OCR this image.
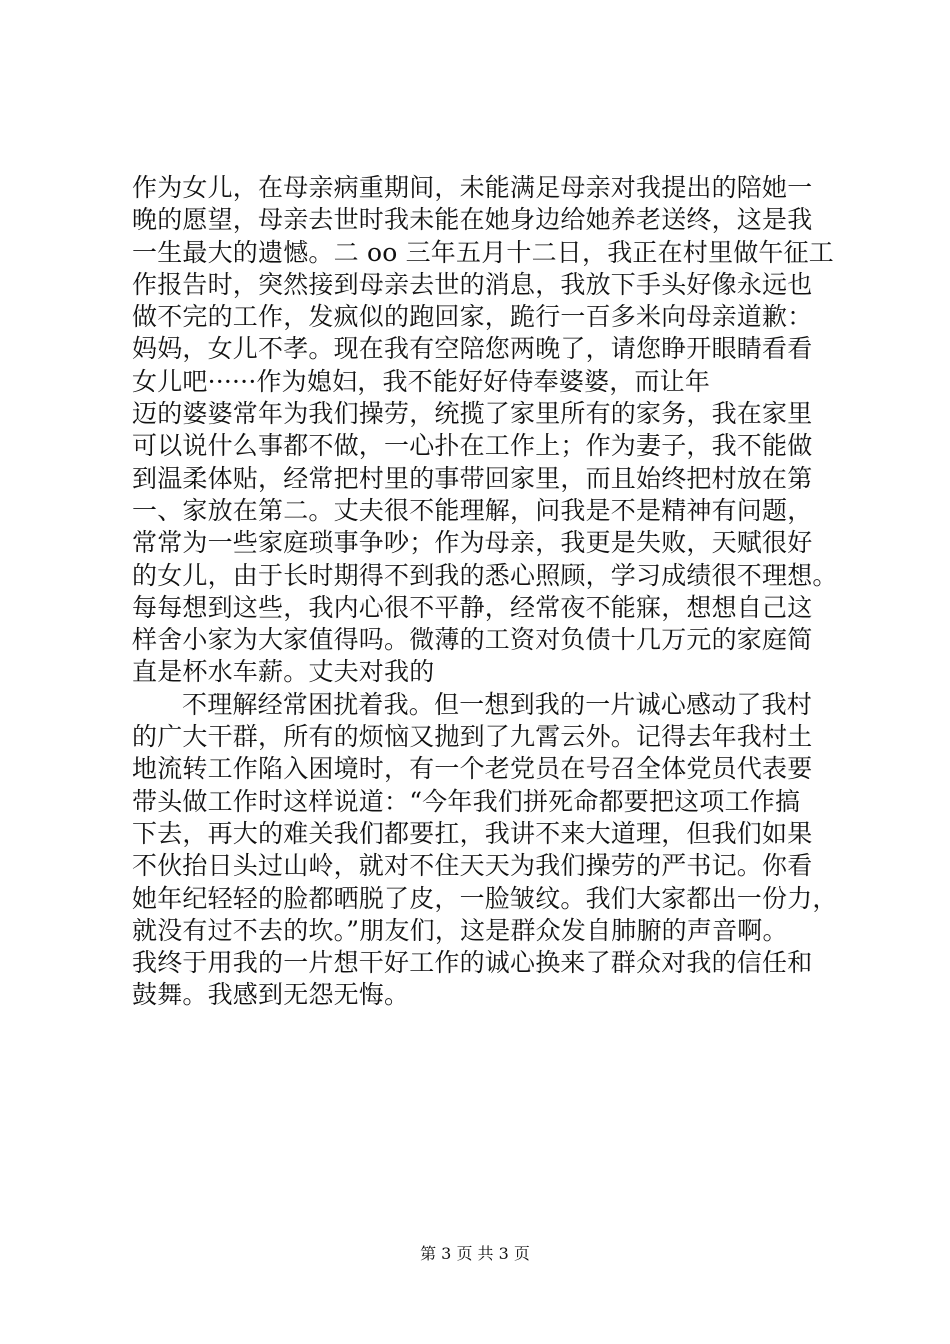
作为女儿，在母亲病重期间，未能满足母亲对我提出的陪她一
晚的愿望，母亲去世时我未能在她身边给她养老送终，这是我
一生最大的遗憾。二 oo 三年五月十二日，我正在村里做午征工
作报告时，突然接到母亲去世的消息，我放下手头好像永远也
做不完的工作，发疯似的跑回家，跪行一百多米向母亲道歉：
妈妈，女儿不孝。现在我有空陪您两晚了，请您睁开眼睛看看
女儿吧······作为媳妇，我不能好好侍奉婆婆，而让年
迈的婆婆常年为我们操劳，统揽了家里所有的家务，我在家里
可以说什么事都不做，一心扑在工作上；作为妻子，我不能做
到温柔体贴，经常把村里的事带回家里，而且始终把村放在第
一、家放在第二。丈夫很不能理解，问我是不是精神有问题，
常常为一些家庭琐事争吵；作为母亲，我更是失败，天赋很好
的女儿，由于长时期得不到我的悉心照顾，学习成绩很不理想。
每每想到这些，我内心很不平静，经常夜不能寐，想想自己这
样舍小家为大家值得吗。微薄的工资对负债十几万元的家庭简
直是杯水车薪。丈夫对我的
不理解经常困扰着我。但一想到我的一片诚心感动了我村
的广大干群，所有的烦恼又抛到了九霄云外。记得去年我村土
地流转工作陷入困境时，有一个老党员在号召全体党员代表要
带头做工作时这样说道：“今年我们拼死命都要把这项工作搞
下去，再大的难关我们都要扛，我讲不来大道理，但我们如果
不伙抬日头过山岭，就对不住天天为我们操劳的严书记。你看
她年纪轻轻的脸都晒脱了皮，一脸皱纹。我们大家都出一份力，
就没有过不去的坎。”朋友们，这是群众发自肺腑的声音啊。
我终于用我的一片想干好工作的诚心换来了群众对我的信任和
鼓舞。我感到无怨无悔。
第 3 页 共 3 页
